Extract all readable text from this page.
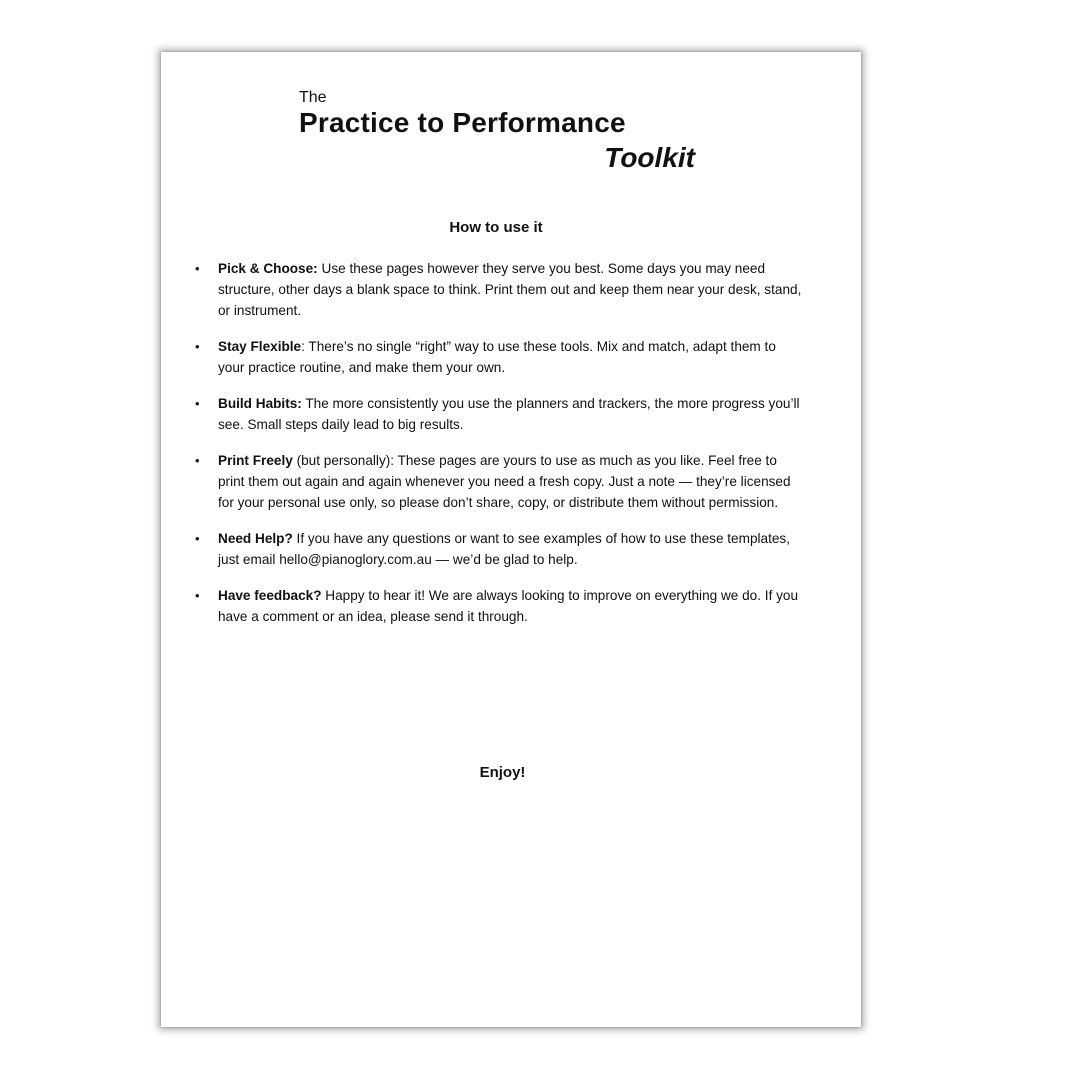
The
Practice to Performance
Toolkit
How to use it
• Pick & Choose: Use these pages however they serve you best. Some days you may need structure, other days a blank space to think. Print them out and keep them near your desk, stand, or instrument.
• Stay Flexible: There’s no single “right” way to use these tools. Mix and match, adapt them to your practice routine, and make them your own.
• Build Habits: The more consistently you use the planners and trackers, the more progress you’ll see. Small steps daily lead to big results.
• Print Freely (but personally): These pages are yours to use as much as you like. Feel free to print them out again and again whenever you need a fresh copy. Just a note — they’re licensed for your personal use only, so please don’t share, copy, or distribute them without permission.
• Need Help? If you have any questions or want to see examples of how to use these templates, just email hello@pianoglory.com.au — we’d be glad to help.
• Have feedback? Happy to hear it! We are always looking to improve on everything we do. If you have a comment or an idea, please send it through.
Enjoy!
